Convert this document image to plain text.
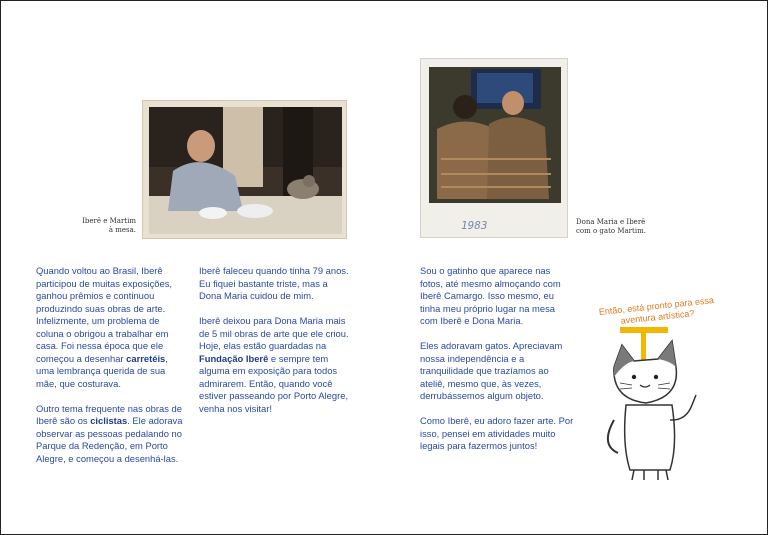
Iberê e Martim à mesa.	1983	Dona Maria e Iberê com o gato Martim.

Quando voltou ao Brasil, Iberê participou de muitas exposições, ganhou prêmios e continuou produzindo suas obras de arte. Infelizmente, um problema de coluna o obrigou a trabalhar em casa. Foi nessa época que ele começou a desenhar carretéis, uma lembrança querida de sua mãe, que costurava.

Outro tema frequente nas obras de Iberê são os ciclistas. Ele adorava observar as pessoas pedalando no Parque da Redenção, em Porto Alegre, e começou a desenhá-las.

Iberê faleceu quando tinha 79 anos. Eu fiquei bastante triste, mas a Dona Maria cuidou de mim.

Iberê deixou para Dona Maria mais de 5 mil obras de arte que ele criou. Hoje, elas estão guardadas na Fundação Iberê e sempre tem alguma em exposição para todos admirarem. Então, quando você estiver passeando por Porto Alegre, venha nos visitar!

Sou o gatinho que aparece nas fotos, até mesmo almoçando com Iberê Camargo. Isso mesmo, eu tinha meu próprio lugar na mesa com Iberê e Dona Maria.

Eles adoravam gatos. Apreciavam nossa independência e a tranquilidade que trazíamos ao ateliê, mesmo que, às vezes, derrubássemos algum objeto.

Como Iberê, eu adoro fazer arte. Por isso, pensei em atividades muito legais para fazermos juntos!

Então, está pronto para essa aventura artística?
